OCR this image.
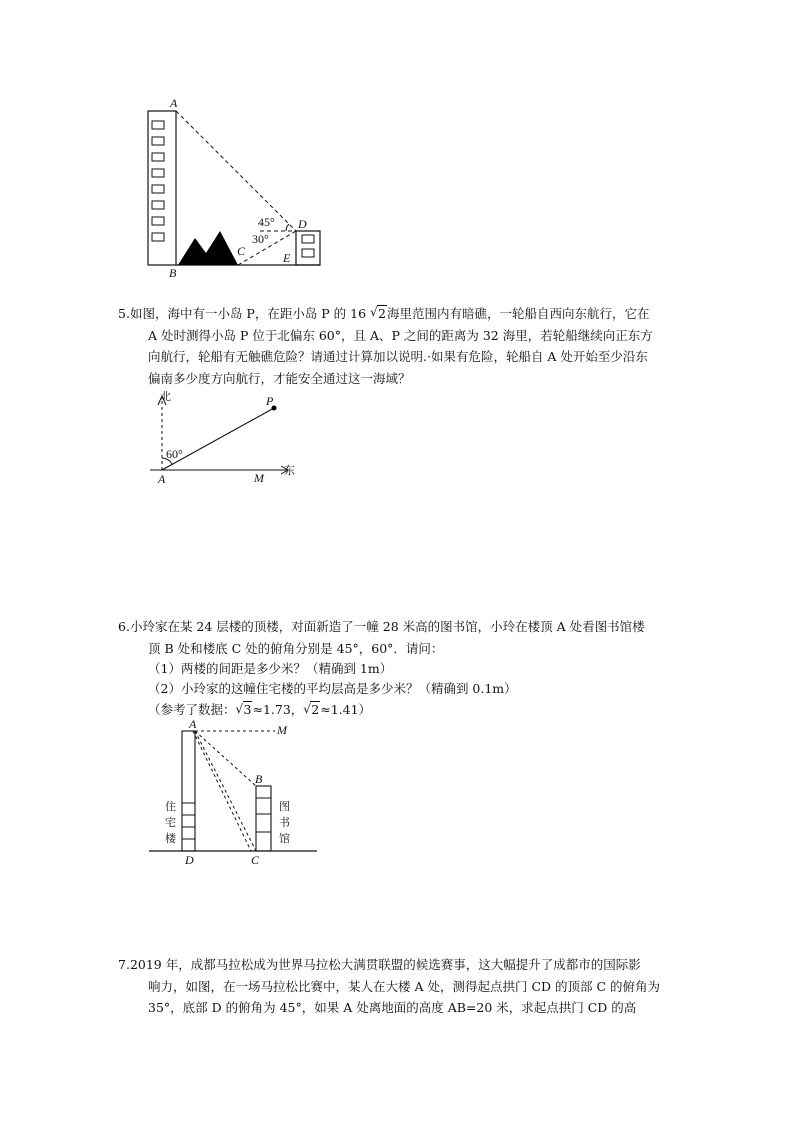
A
B
C
D
E
45°
30°
5.如图，海中有一小岛 P，在距小岛 P 的 16 √ 2海里范围内有暗礁，一轮船自西向东航行，它在
A 处时测得小岛 P 位于北偏东 60°，且 A、P 之间的距离为 32 海里，若轮船继续向正东方
向航行，轮船有无触礁危险？请通过计算加以说明.·如果有危险，轮船自 A 处开始至少沿东
偏南多少度方向航行，才能安全通过这一海域？
北
东
60°
A	M
P
6.小玲家在某 24 层楼的顶楼，对面新造了一幢 28 米高的图书馆，小玲在楼顶 A 处看图书馆楼
顶 B 处和楼底 C 处的俯角分别是 45°，60°．请问：
（1）两楼的间距是多少米？（精确到 1m）
（2）小玲家的这幢住宅楼的平均层高是多少米？（精确到 0.1m）
（参考了数据： √ 3≈1.73， √ 2≈1.41）
A	M
B
C
D
住
宅
楼
图
书
馆
7.2019 年，成都马拉松成为世界马拉松大满贯联盟的候选赛事，这大幅提升了成都市的国际影
响力，如图，在一场马拉松比赛中，某人在大楼 A 处，测得起点拱门 CD 的顶部 C 的俯角为
35°，底部 D 的俯角为 45°，如果 A 处离地面的高度 AB=20 米，求起点拱门 CD 的高
